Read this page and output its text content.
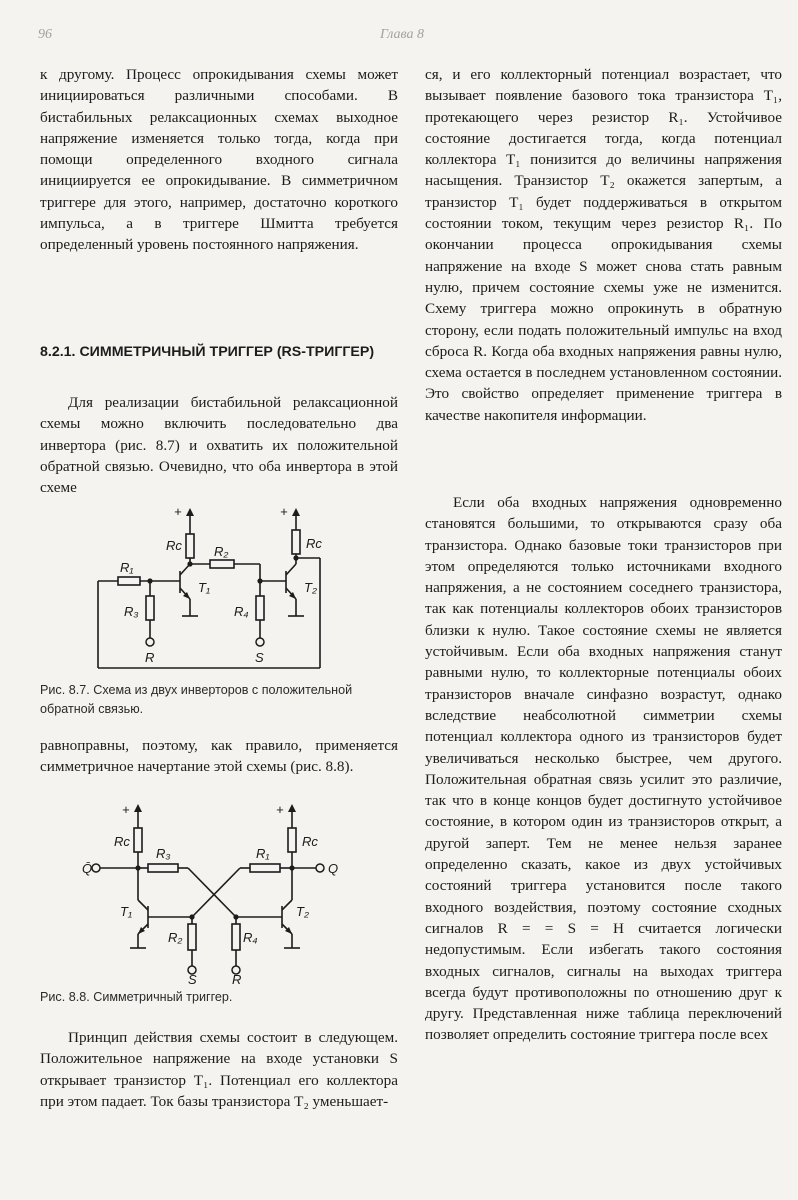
96	Глава 8

к другому. Процесс опрокидывания схемы может инициироваться различными способами. В бистабильных релаксационных схемах выходное напряжение изменяется только тогда, когда при помощи определенного входного сигнала инициируется ее опрокидывание. В симметричном триггере для этого, например, достаточно короткого импульса, а в триггере Шмитта требуется определенный уровень постоянного напряжения.

8.2.1. СИММЕТРИЧНЫЙ ТРИГГЕР (RS-ТРИГГЕР)

Для реализации бистабильной релаксационной схемы можно включить последовательно два инвертора (рис. 8.7) и охватить их положительной обратной связью. Очевидно, что оба инвертора в этой схеме

+	+
Rc	Rc
R₁
R₂
R₃	R₄
T₁	T₂
R	S
Рис. 8.7. Схема из двух инверторов с положительной обратной связью.

равноправны, поэтому, как правило, применяется симметричное начертание этой схемы (рис. 8.8).

+	+
Rc	Rc
R₃	R₁
Q̄	Q
T₁	T₂
R₂	R₄
S	R
Рис. 8.8. Симметричный триггер.

Принцип действия схемы состоит в следующем. Положительное напряжение на входе установки S открывает транзистор T₁. Потенциал его коллектора при этом падает. Ток базы транзистора T₂ уменьшает-

ся, и его коллекторный потенциал возрастает, что вызывает появление базового тока транзистора T₁, протекающего через резистор R₁. Устойчивое состояние достигается тогда, когда потенциал коллектора T₁ понизится до величины напряжения насыщения. Транзистор T₂ окажется запертым, а транзистор T₁ будет поддерживаться в открытом состоянии током, текущим через резистор R₁. По окончании процесса опрокидывания схемы напряжение на входе S может снова стать равным нулю, причем состояние схемы уже не изменится. Схему триггера можно опрокинуть в обратную сторону, если подать положительный импульс на вход сброса R. Когда оба входных напряжения равны нулю, схема остается в последнем установленном состоянии. Это свойство определяет применение триггера в качестве накопителя информации.

Если оба входных напряжения одновременно становятся большими, то открываются сразу оба транзистора. Однако базовые токи транзисторов при этом определяются только источниками входного напряжения, а не состоянием соседнего транзистора, так как потенциалы коллекторов обоих транзисторов близки к нулю. Такое состояние схемы не является устойчивым. Если оба входных напряжения станут равными нулю, то коллекторные потенциалы обоих транзисторов вначале синфазно возрастут, однако вследствие неабсолютной симметрии схемы потенциал коллектора одного из транзисторов будет увеличиваться несколько быстрее, чем другого. Положительная обратная связь усилит это различие, так что в конце концов будет достигнуто устойчивое состояние, в котором один из транзисторов открыт, а другой заперт. Тем не менее нельзя заранее определенно сказать, какое из двух устойчивых состояний триггера установится после такого входного воздействия, поэтому состояние сходных сигналов R = = S = H считается логически недопустимым. Если избегать такого состояния входных сигналов, сигналы на выходах триггера всегда будут противоположны по отношению друг к другу. Представленная ниже таблица переключений позволяет определить состояние триггера после всех
